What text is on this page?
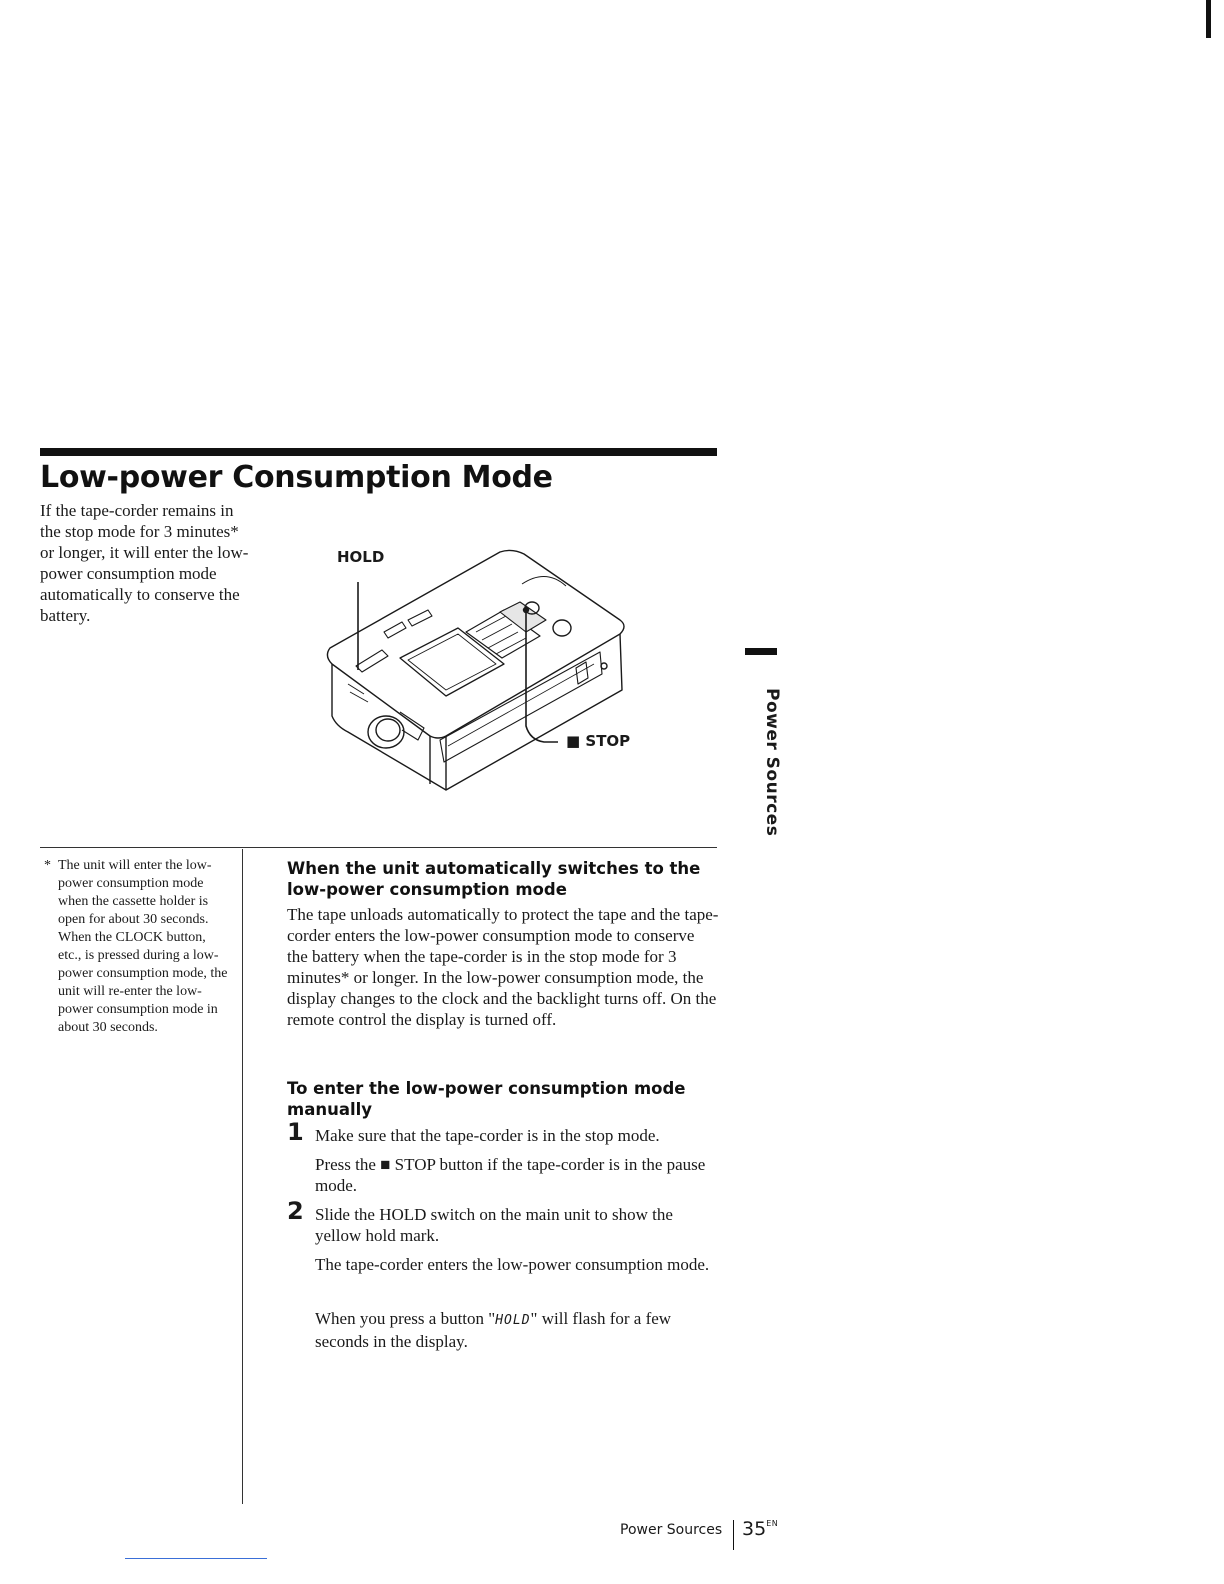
Low-power Consumption Mode
If the tape-corder remains in the stop mode for 3 minutes* or longer, it will enter the low-power consumption mode automatically to conserve the battery.
HOLD
■ STOP	Power Sources
* The unit will enter the low-power consumption mode when the cassette holder is open for about 30 seconds. When the CLOCK button, etc., is pressed during a low-power consumption mode, the unit will re-enter the low-power consumption mode in about 30 seconds.
When the unit automatically switches to the low-power consumption mode
The tape unloads automatically to protect the tape and the tape-corder enters the low-power consumption mode to conserve the battery when the tape-corder is in the stop mode for 3 minutes* or longer. In the low-power consumption mode, the display changes to the clock and the backlight turns off. On the remote control the display is turned off.
To enter the low-power consumption mode manually
1 Make sure that the tape-corder is in the stop mode.
Press the ■ STOP button if the tape-corder is in the pause mode.
2 Slide the HOLD switch on the main unit to show the yellow hold mark.
The tape-corder enters the low-power consumption mode.
When you press a button "HOLD" will flash for a few seconds in the display.
Power Sources $35^{EN}$
